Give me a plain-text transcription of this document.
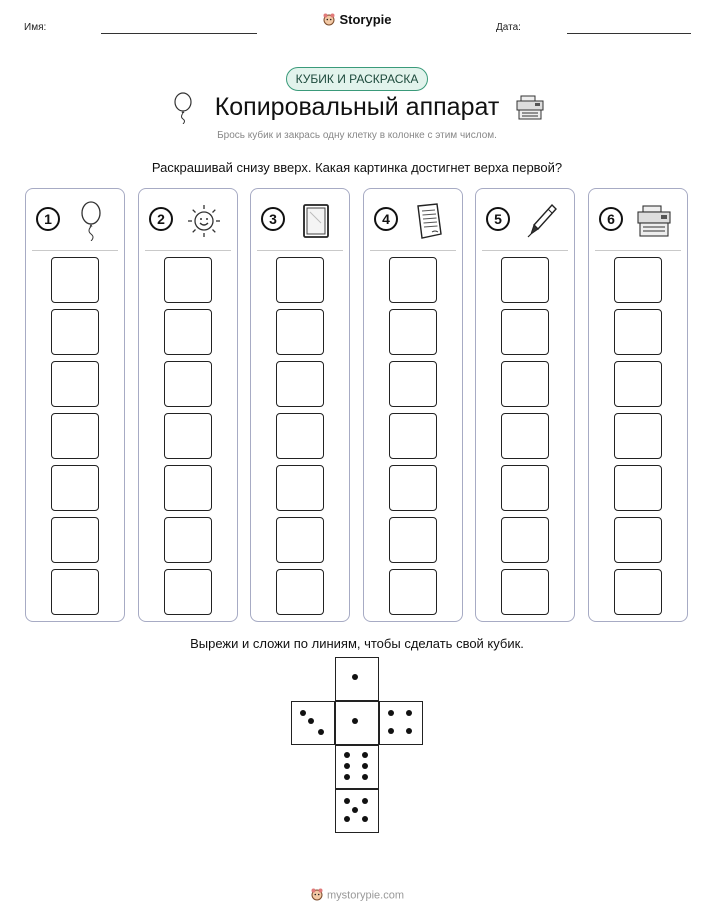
Имя:	Дата:
Storypie
КУБИК И РАСКРАСКА
Копировальный аппарат
Брось кубик и закрась одну клетку в колонке с этим числом.
Раскрашивай снизу вверх. Какая картинка достигнет верха первой?
1	2	3	4	5	6
Вырежи и сложи по линиям, чтобы сделать свой кубик.
mystorypie.com
